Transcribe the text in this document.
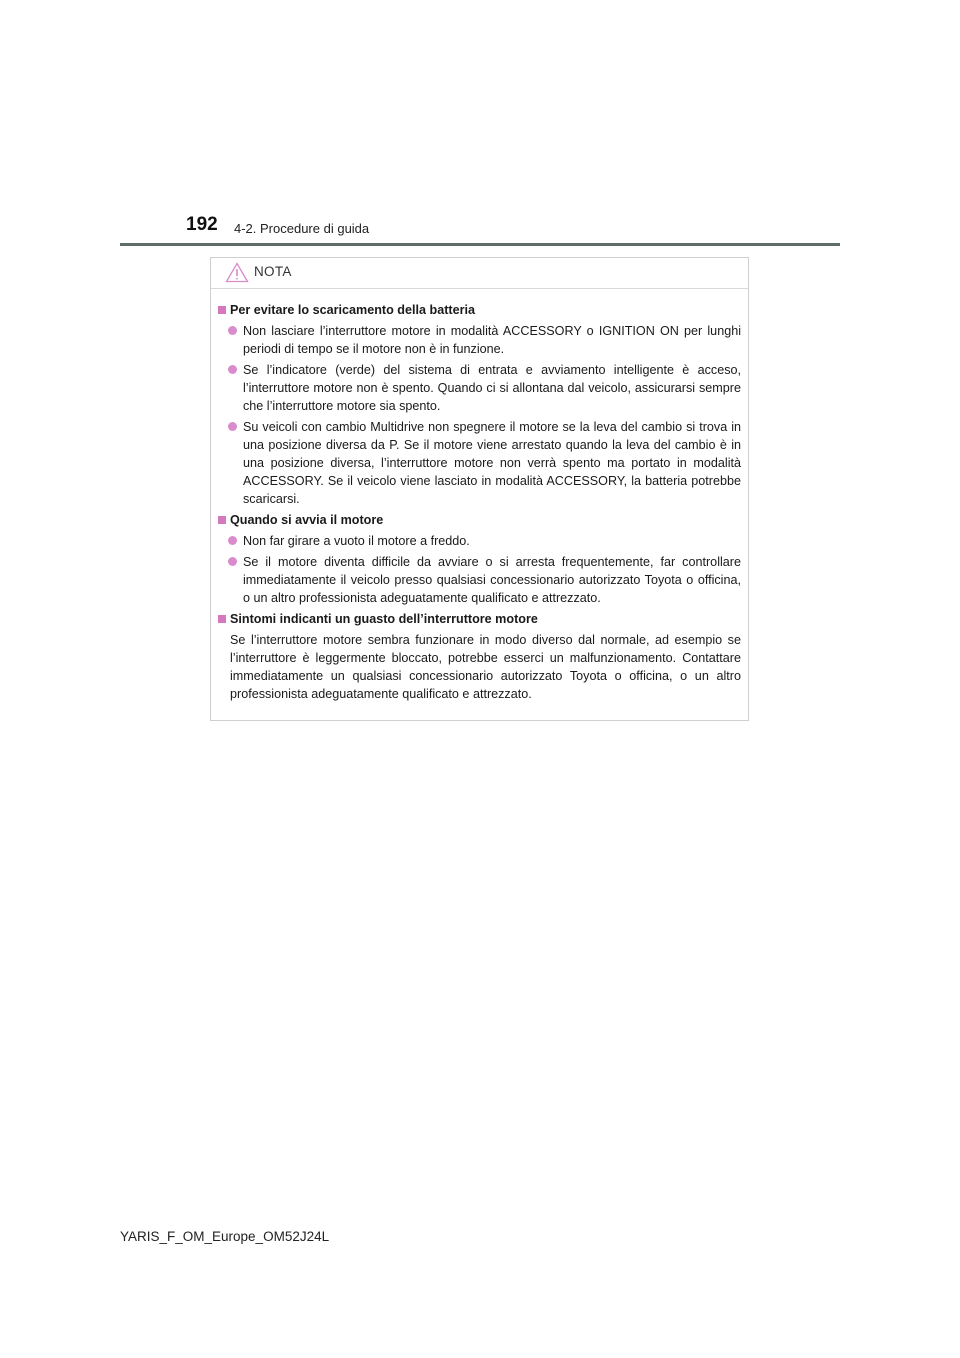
192 4-2. Procedure di guida
NOTA
Per evitare lo scaricamento della batteria
Non lasciare l’interruttore motore in modalità ACCESSORY o IGNITION ON per lunghi periodi di tempo se il motore non è in funzione.
Se l’indicatore (verde) del sistema di entrata e avviamento intelligente è acceso, l’interruttore motore non è spento. Quando ci si allontana dal veicolo, assicurarsi sempre che l’interruttore motore sia spento.
Su veicoli con cambio Multidrive non spegnere il motore se la leva del cambio si trova in una posizione diversa da P. Se il motore viene arrestato quando la leva del cambio è in una posizione diversa, l’interruttore motore non verrà spento ma portato in modalità ACCESSORY. Se il veicolo viene lasciato in modalità ACCESSORY, la batteria potrebbe scaricarsi.
Quando si avvia il motore
Non far girare a vuoto il motore a freddo.
Se il motore diventa difficile da avviare o si arresta frequentemente, far controllare immediatamente il veicolo presso qualsiasi concessionario autorizzato Toyota o officina, o un altro professionista adeguatamente qualificato e attrezzato.
Sintomi indicanti un guasto dell’interruttore motore
Se l’interruttore motore sembra funzionare in modo diverso dal normale, ad esempio se l’interruttore è leggermente bloccato, potrebbe esserci un malfunzionamento. Contattare immediatamente un qualsiasi concessionario autorizzato Toyota o officina, o un altro professionista adeguatamente qualificato e attrezzato.
YARIS_F_OM_Europe_OM52J24L
